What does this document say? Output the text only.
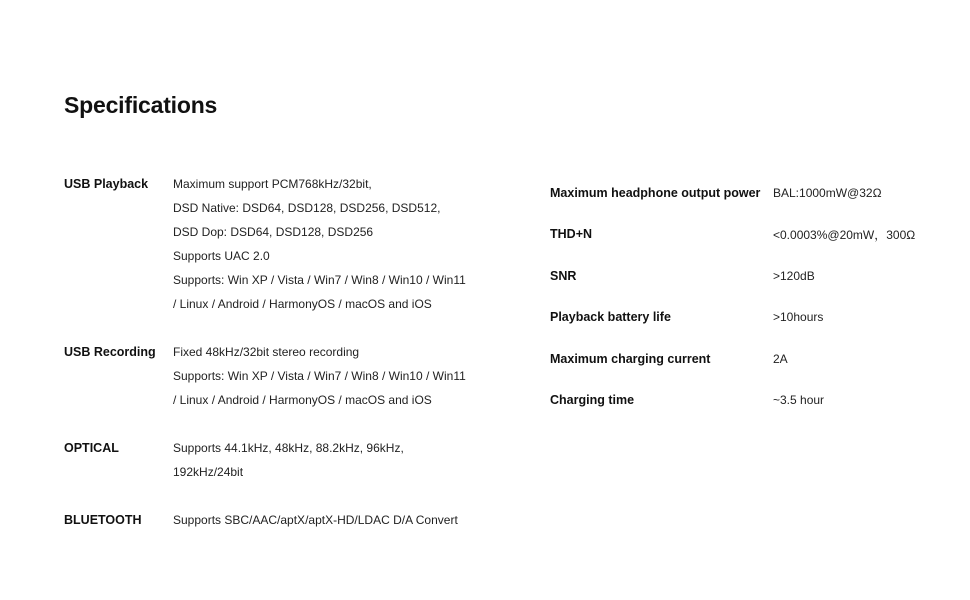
Specifications
USB Playback	Maximum support PCM768kHz/32bit,
DSD Native: DSD64, DSD128, DSD256, DSD512,
DSD Dop: DSD64, DSD128, DSD256
Supports UAC 2.0
Supports: Win XP / Vista / Win7 / Win8 / Win10 / Win11
/ Linux / Android / HarmonyOS / macOS and iOS
USB Recording	Fixed 48kHz/32bit stereo recording
Supports: Win XP / Vista / Win7 / Win8 / Win10 / Win11
/ Linux / Android / HarmonyOS / macOS and iOS
OPTICAL	Supports 44.1kHz, 48kHz, 88.2kHz, 96kHz,
192kHz/24bit
BLUETOOTH	Supports SBC/AAC/aptX/aptX-HD/LDAC D/A Convert
Maximum headphone output power	BAL:1000mW@32Ω
THD+N	<0.0003%@20mW，300Ω
SNR	>120dB
Playback battery life	>10hours
Maximum charging current	2A
Charging time	~3.5 hour
